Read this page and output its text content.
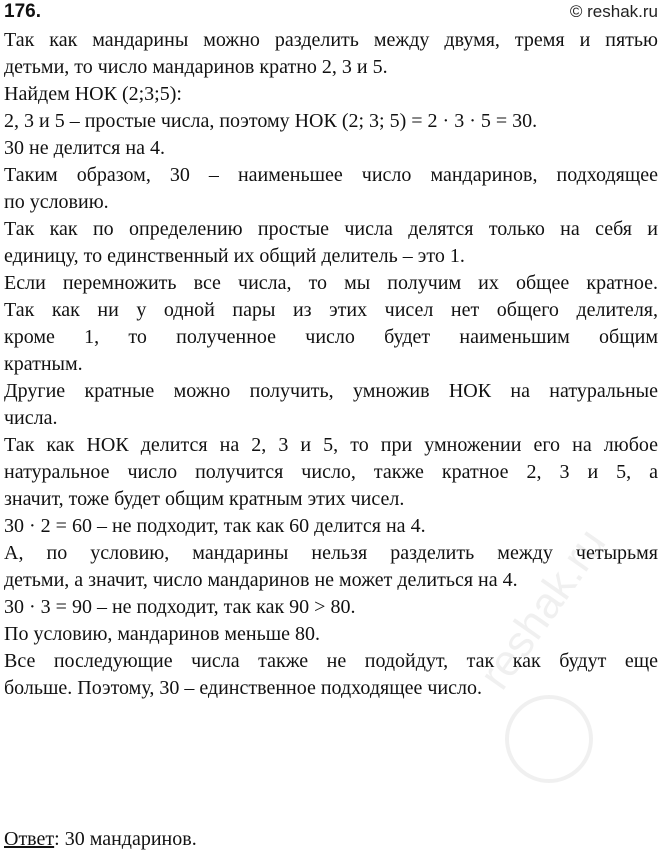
176.	© reshak.ru
Так как мандарины можно разделить между двумя, тремя и пятью
детьми, то число мандаринов кратно 2, 3 и 5.
Найдем НОК (2;3;5):
2, 3 и 5 – простые числа, поэтому НОК (2; 3; 5) = 2 · 3 · 5 = 30.
30 не делится на 4.
Таким образом, 30 – наименьшее число мандаринов, подходящее
по условию.
Так как по определению простые числа делятся только на себя и
единицу, то единственный их общий делитель – это 1.
Если перемножить все числа, то мы получим их общее кратное.
Так как ни у одной пары из этих чисел нет общего делителя,
кроме 1, то полученное число будет наименьшим общим
кратным.
Другие кратные можно получить, умножив НОК на натуральные
числа.
Так как НОК делится на 2, 3 и 5, то при умножении его на любое
натуральное число получится число, также кратное 2, 3 и 5, а
значит, тоже будет общим кратным этих чисел.
30 · 2 = 60 – не подходит, так как 60 делится на 4.
А, по условию, мандарины нельзя разделить между четырьмя
детьми, а значит, число мандаринов не может делиться на 4.
30 · 3 = 90 – не подходит, так как 90 > 80.
По условию, мандаринов меньше 80.
Все последующие числа также не подойдут, так как будут еще
больше. Поэтому, 30 – единственное подходящее число.
Ответ: 30 мандаринов.
reshak.ru
